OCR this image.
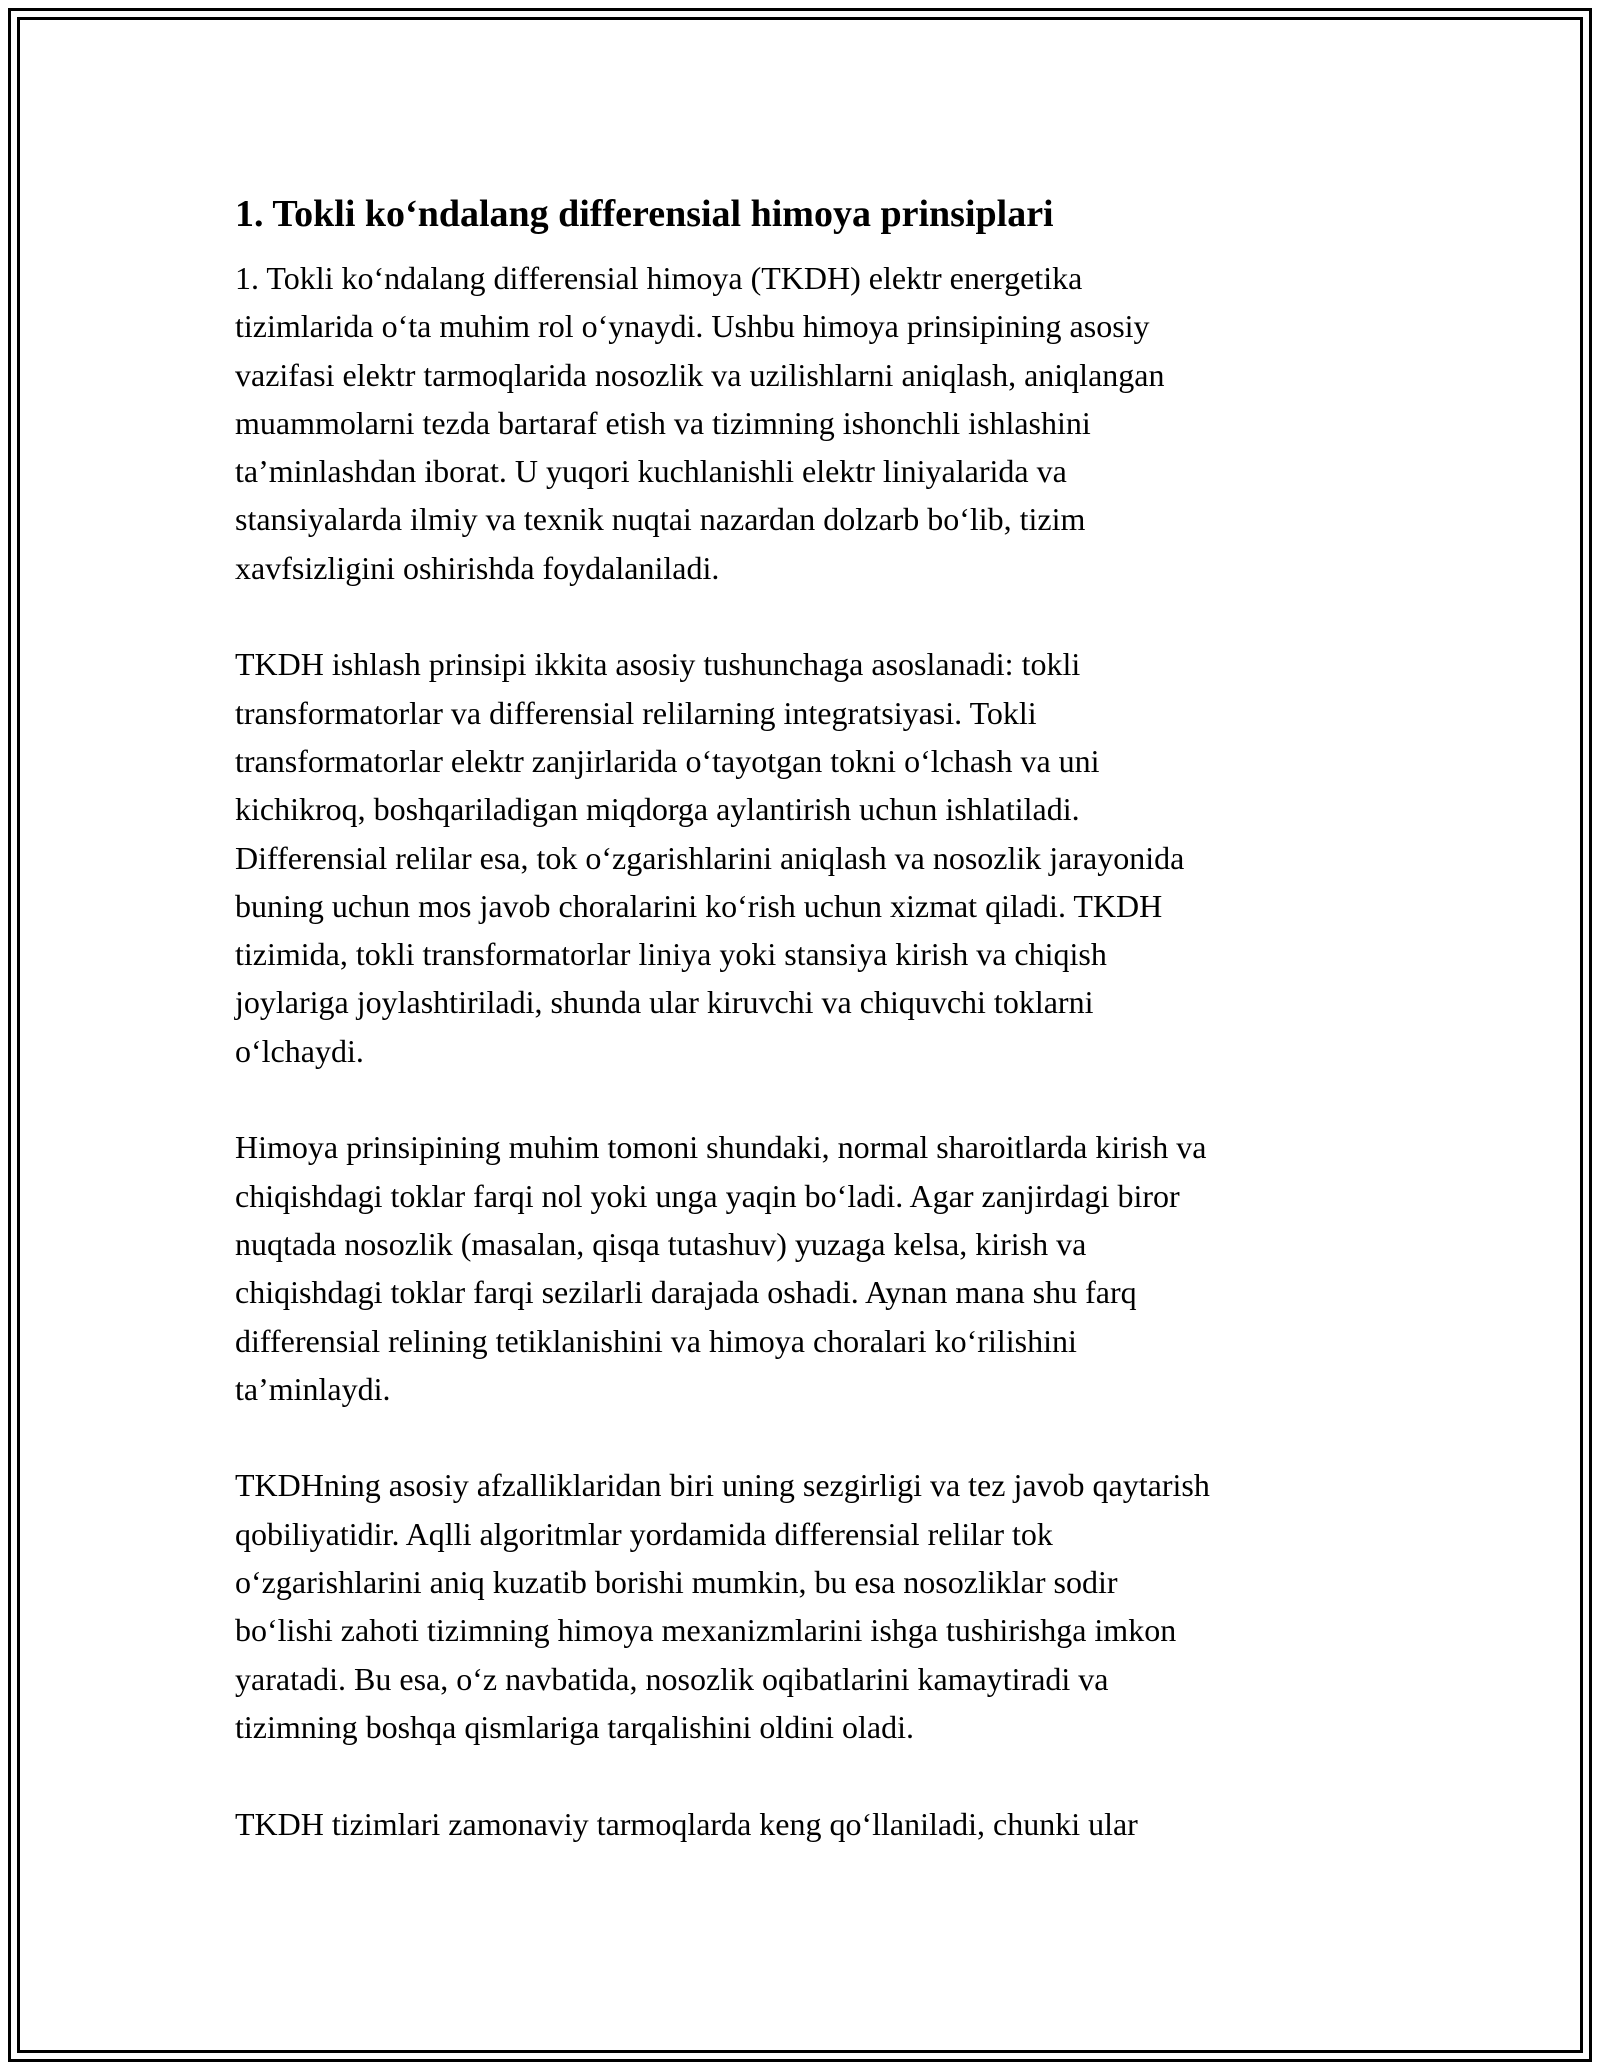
1. Tokli ko‘ndalang differensial himoya prinsiplari
1. Tokli ko‘ndalang differensial himoya (TKDH) elektr energetika
tizimlarida o‘ta muhim rol o‘ynaydi. Ushbu himoya prinsipining asosiy
vazifasi elektr tarmoqlarida nosozlik va uzilishlarni aniqlash, aniqlangan
muammolarni tezda bartaraf etish va tizimning ishonchli ishlashini
ta’minlashdan iborat. U yuqori kuchlanishli elektr liniyalarida va
stansiyalarda ilmiy va texnik nuqtai nazardan dolzarb bo‘lib, tizim
xavfsizligini oshirishda foydalaniladi.
TKDH ishlash prinsipi ikkita asosiy tushunchaga asoslanadi: tokli
transformatorlar va differensial relilarning integratsiyasi. Tokli
transformatorlar elektr zanjirlarida o‘tayotgan tokni o‘lchash va uni
kichikroq, boshqariladigan miqdorga aylantirish uchun ishlatiladi.
Differensial relilar esa, tok o‘zgarishlarini aniqlash va nosozlik jarayonida
buning uchun mos javob choralarini ko‘rish uchun xizmat qiladi. TKDH
tizimida, tokli transformatorlar liniya yoki stansiya kirish va chiqish
joylariga joylashtiriladi, shunda ular kiruvchi va chiquvchi toklarni
o‘lchaydi.
Himoya prinsipining muhim tomoni shundaki, normal sharoitlarda kirish va
chiqishdagi toklar farqi nol yoki unga yaqin bo‘ladi. Agar zanjirdagi biror
nuqtada nosozlik (masalan, qisqa tutashuv) yuzaga kelsa, kirish va
chiqishdagi toklar farqi sezilarli darajada oshadi. Aynan mana shu farq
differensial relining tetiklanishini va himoya choralari ko‘rilishini
ta’minlaydi.
TKDHning asosiy afzalliklaridan biri uning sezgirligi va tez javob qaytarish
qobiliyatidir. Aqlli algoritmlar yordamida differensial relilar tok
o‘zgarishlarini aniq kuzatib borishi mumkin, bu esa nosozliklar sodir
bo‘lishi zahoti tizimning himoya mexanizmlarini ishga tushirishga imkon
yaratadi. Bu esa, o‘z navbatida, nosozlik oqibatlarini kamaytiradi va
tizimning boshqa qismlariga tarqalishini oldini oladi.
TKDH tizimlari zamonaviy tarmoqlarda keng qo‘llaniladi, chunki ular
